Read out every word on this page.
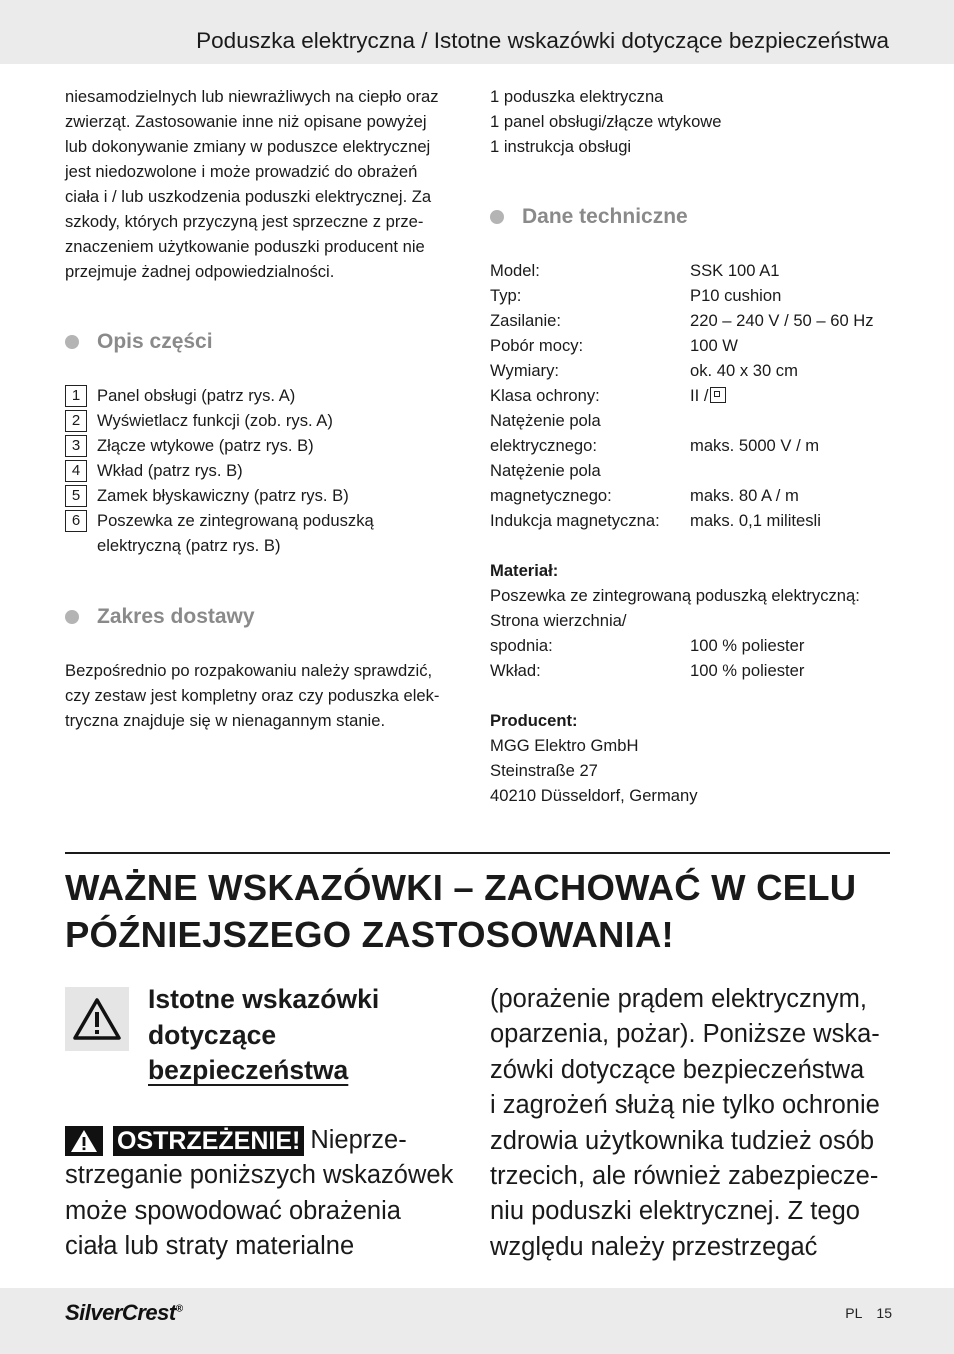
Poduszka elektryczna / Istotne wskazówki dotyczące bezpieczeństwa
niesamodzielnych lub niewrażliwych na ciepło oraz
zwierząt. Zastosowanie inne niż opisane powyżej
lub dokonywanie zmiany w poduszce elektrycznej
jest niedozwolone i może prowadzić do obrażeń
ciała i / lub uszkodzenia poduszki elektrycznej. Za
szkody, których przyczyną jest sprzeczne z prze-
znaczeniem użytkowanie poduszki producent nie
przejmuje żadnej odpowiedzialności.
Opis części
1	Panel obsługi (patrz rys. A)
2	Wyświetlacz funkcji (zob. rys. A)
3	Złącze wtykowe (patrz rys. B)
4	Wkład (patrz rys. B)
5	Zamek błyskawiczny (patrz rys. B)
6	Poszewka ze zintegrowaną poduszką
elektryczną (patrz rys. B)
Zakres dostawy
Bezpośrednio po rozpakowaniu należy sprawdzić,
czy zestaw jest kompletny oraz czy poduszka elek-
tryczna znajduje się w nienagannym stanie.
1 poduszka elektryczna
1 panel obsługi/złącze wtykowe
1 instrukcja obsługi
Dane techniczne
Model:	SSK 100 A1
Typ:	P10 cushion
Zasilanie:	220 – 240 V / 50 – 60 Hz
Pobór mocy:	100 W
Wymiary:	ok. 40 x 30 cm
Klasa ochrony:	II /
Natężenie pola
elektrycznego:	maks. 5000 V / m
Natężenie pola
magnetycznego:	maks. 80 A / m
Indukcja magnetyczna:	maks. 0,1 militesli
Materiał:
Poszewka ze zintegrowaną poduszką elektryczną:
Strona wierzchnia/
spodnia:	100 % poliester
Wkład:	100 % poliester
Producent:
MGG Elektro GmbH
Steinstraße 27
40210 Düsseldorf, Germany
WAŻNE WSKAZÓWKI – ZACHOWAĆ W CELU
PÓŹNIEJSZEGO ZASTOSOWANIA!
Istotne wskazówki
dotyczące
bezpieczeństwa
OSTRZEŻENIE! Nieprze-
strzeganie poniższych wskazówek
może spowodować obrażenia
ciała lub straty materialne
(porażenie prądem elektrycznym,
oparzenia, pożar). Poniższe wska-
zówki dotyczące bezpieczeństwa
i zagrożeń służą nie tylko ochronie
zdrowia użytkownika tudzież osób
trzecich, ale również zabezpiecze-
niu poduszki elektrycznej. Z tego
względu należy przestrzegać
SilverCrest®	PL 15
